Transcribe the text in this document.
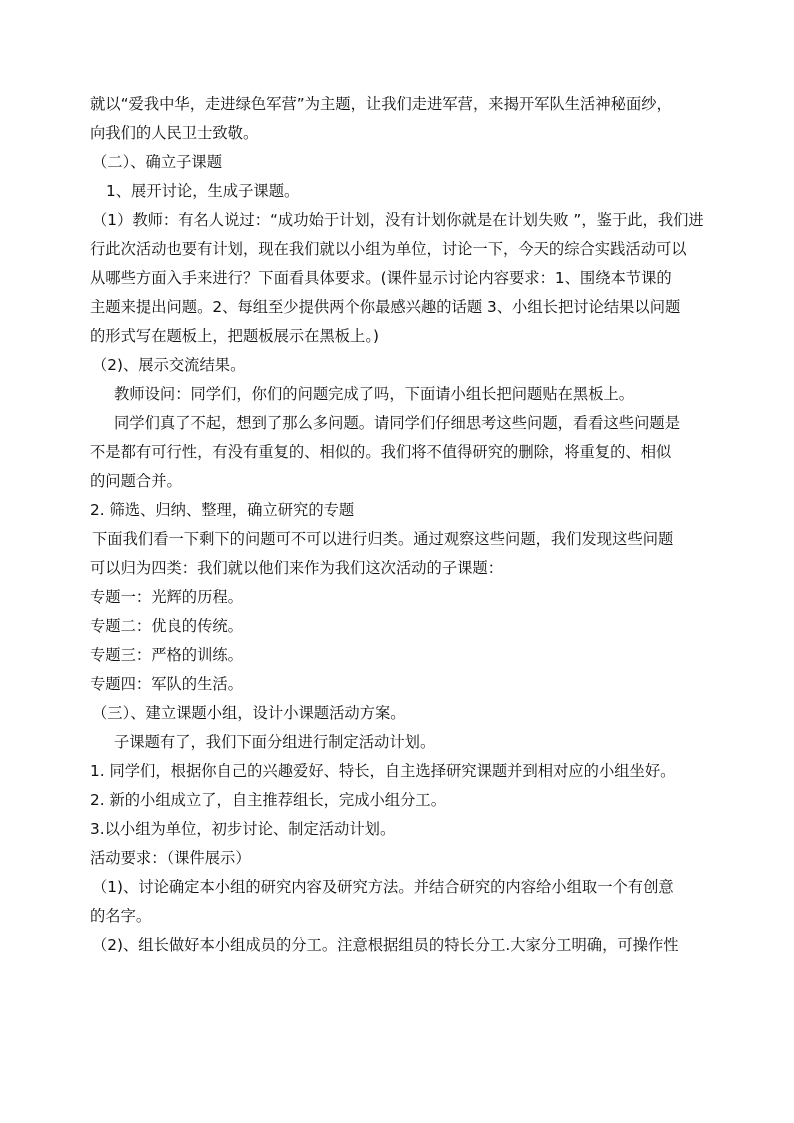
就以“爱我中华，走进绿色军营”为主题，让我们走进军营，来揭开军队生活神秘面纱，

向我们的人民卫士致敬。

（二）、确立子课题

1、展开讨论，生成子课题。

（1）教师：有名人说过：“成功始于计划，没有计划你就是在计划失败 ”，鉴于此，我们进

行此次活动也要有计划，现在我们就以小组为单位，讨论一下，今天的综合实践活动可以

从哪些方面入手来进行？下面看具体要求。(课件显示讨论内容要求：1、围绕本节课的

主题来提出问题。2、每组至少提供两个你最感兴趣的话题 3、小组长把讨论结果以问题

的形式写在题板上，把题板展示在黑板上。)

（2)、展示交流结果。

教师设问：同学们，你们的问题完成了吗，下面请小组长把问题贴在黑板上。

同学们真了不起，想到了那么多问题。请同学们仔细思考这些问题，看看这些问题是

不是都有可行性，有没有重复的、相似的。我们将不值得研究的删除，将重复的、相似

的问题合并。

2. 筛选、归纳、整理，确立研究的专题

下面我们看一下剩下的问题可不可以进行归类。通过观察这些问题，我们发现这些问题

可以归为四类：我们就以他们来作为我们这次活动的子课题：

专题一：光辉的历程。

专题二：优良的传统。

专题三：严格的训练。

专题四：军队的生活。

（三）、建立课题小组，设计小课题活动方案。

子课题有了，我们下面分组进行制定活动计划。

1. 同学们，根据你自己的兴趣爱好、特长，自主选择研究课题并到相对应的小组坐好。

2. 新的小组成立了，自主推荐组长，完成小组分工。

3.以小组为单位，初步讨论、制定活动计划。

活动要求：（课件展示）

（1)、讨论确定本小组的研究内容及研究方法。并结合研究的内容给小组取一个有创意

的名字。

（2)、组长做好本小组成员的分工。注意根据组员的特长分工.大家分工明确，可操作性
